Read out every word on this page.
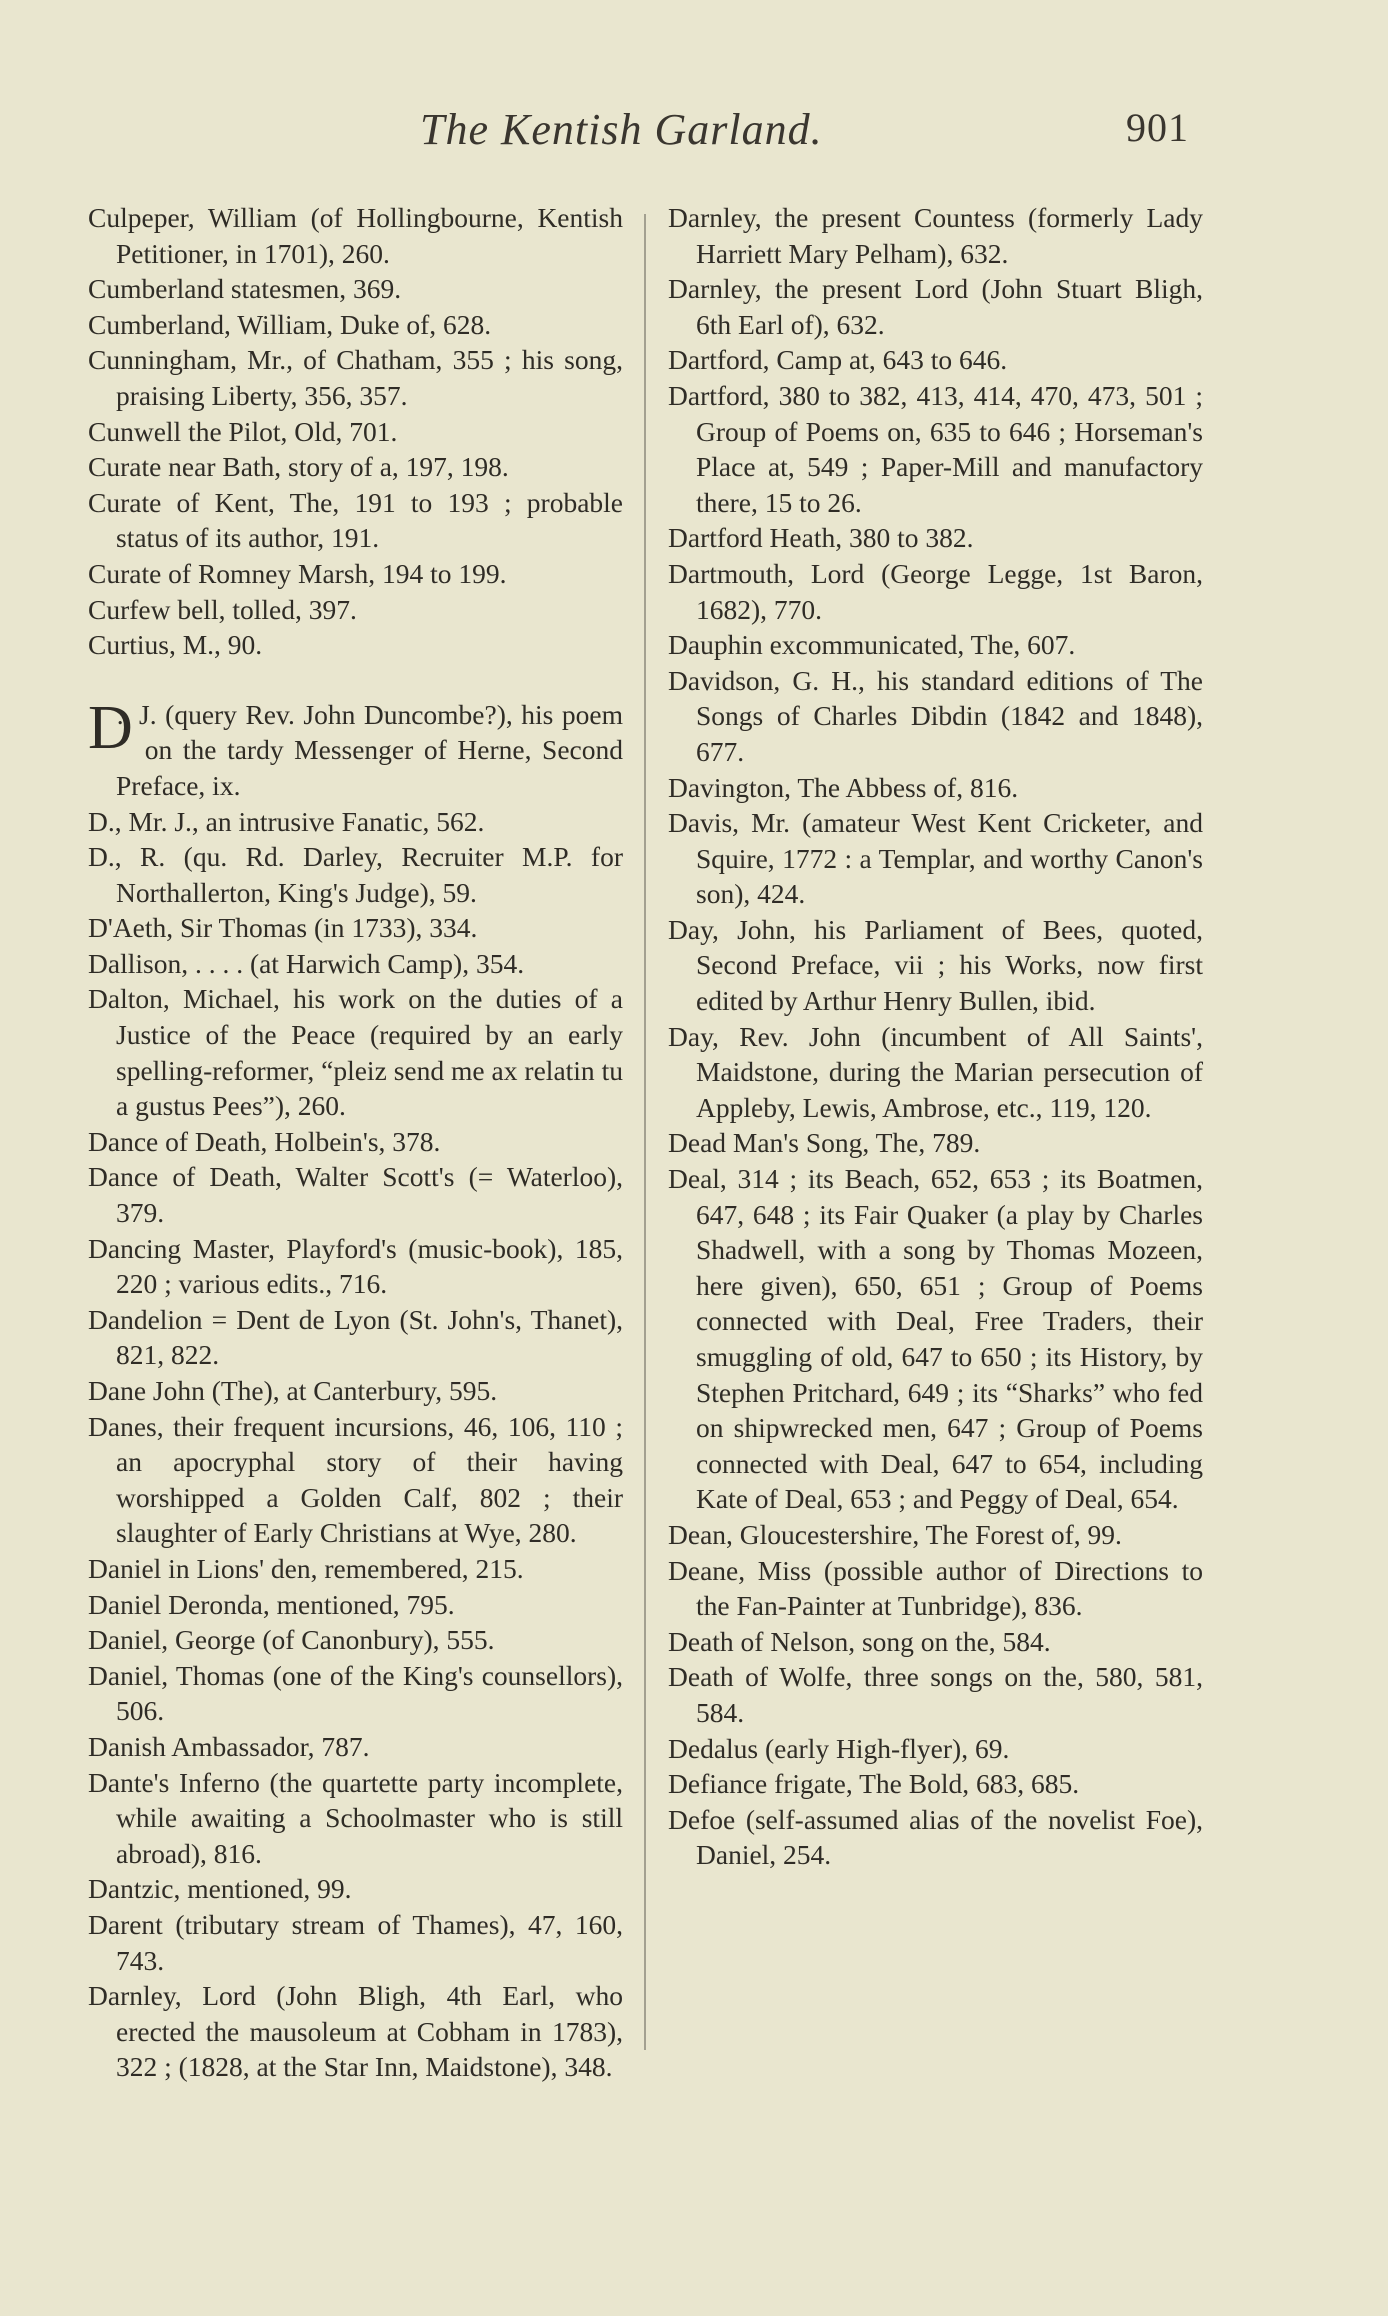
The Kentish Garland.	901

Culpeper, William (of Hollingbourne, Kentish Petitioner, in 1701), 260.

Cumberland statesmen, 369.

Cumberland, William, Duke of, 628.

Cunningham, Mr., of Chatham, 355 ; his song, praising Liberty, 356, 357.

Cunwell the Pilot, Old, 701.

Curate near Bath, story of a, 197, 198.

Curate of Kent, The, 191 to 193 ; probable status of its author, 191.

Curate of Romney Marsh, 194 to 199.

Curfew bell, tolled, 397.

Curtius, M., 90.

D
., J. (query Rev. John Duncombe?), his poem on the tardy Messenger of Herne, Second Preface, ix.

D., Mr. J., an intrusive Fanatic, 562.

D., R. (qu. Rd. Darley, Recruiter M.P. for Northallerton, King's Judge), 59.

D'Aeth, Sir Thomas (in 1733), 334.

Dallison, . . . . (at Harwich Camp), 354.

Dalton, Michael, his work on the duties of a Justice of the Peace (required by an early spelling-reformer, “pleiz send me ax relatin tu a gustus Pees”), 260.

Dance of Death, Holbein's, 378.

Dance of Death, Walter Scott's (= Waterloo), 379.

Dancing Master, Playford's (music-book), 185, 220 ; various edits., 716.

Dandelion = Dent de Lyon (St. John's, Thanet), 821, 822.

Dane John (The), at Canterbury, 595.

Danes, their frequent incursions, 46, 106, 110 ; an apocryphal story of their having worshipped a Golden Calf, 802 ; their slaughter of Early Christians at Wye, 280.

Daniel in Lions' den, remembered, 215.

Daniel Deronda, mentioned, 795.

Daniel, George (of Canonbury), 555.

Daniel, Thomas (one of the King's counsellors), 506.

Danish Ambassador, 787.

Dante's Inferno (the quartette party incomplete, while awaiting a Schoolmaster who is still abroad), 816.

Dantzic, mentioned, 99.

Darent (tributary stream of Thames), 47, 160, 743.

Darnley, Lord (John Bligh, 4th Earl, who erected the mausoleum at Cobham in 1783), 322 ; (1828, at the Star Inn, Maidstone), 348.

Darnley, the present Countess (formerly Lady Harriett Mary Pelham), 632.

Darnley, the present Lord (John Stuart Bligh, 6th Earl of), 632.

Dartford, Camp at, 643 to 646.

Dartford, 380 to 382, 413, 414, 470, 473, 501 ; Group of Poems on, 635 to 646 ; Horseman's Place at, 549 ; Paper-Mill and manufactory there, 15 to 26.

Dartford Heath, 380 to 382.

Dartmouth, Lord (George Legge, 1st Baron, 1682), 770.

Dauphin excommunicated, The, 607.

Davidson, G. H., his standard editions of The Songs of Charles Dibdin (1842 and 1848), 677.

Davington, The Abbess of, 816.

Davis, Mr. (amateur West Kent Cricketer, and Squire, 1772 : a Templar, and worthy Canon's son), 424.

Day, John, his Parliament of Bees, quoted, Second Preface, vii ; his Works, now first edited by Arthur Henry Bullen, ibid.

Day, Rev. John (incumbent of All Saints', Maidstone, during the Marian persecution of Appleby, Lewis, Ambrose, etc., 119, 120.

Dead Man's Song, The, 789.

Deal, 314 ; its Beach, 652, 653 ; its Boatmen, 647, 648 ; its Fair Quaker (a play by Charles Shadwell, with a song by Thomas Mozeen, here given), 650, 651 ; Group of Poems connected with Deal, Free Traders, their smuggling of old, 647 to 650 ; its History, by Stephen Pritchard, 649 ; its “Sharks” who fed on shipwrecked men, 647 ; Group of Poems connected with Deal, 647 to 654, including Kate of Deal, 653 ; and Peggy of Deal, 654.

Dean, Gloucestershire, The Forest of, 99.

Deane, Miss (possible author of Directions to the Fan-Painter at Tunbridge), 836.

Death of Nelson, song on the, 584.

Death of Wolfe, three songs on the, 580, 581, 584.

Dedalus (early High-flyer), 69.

Defiance frigate, The Bold, 683, 685.

Defoe (self-assumed alias of the novelist Foe), Daniel, 254.
